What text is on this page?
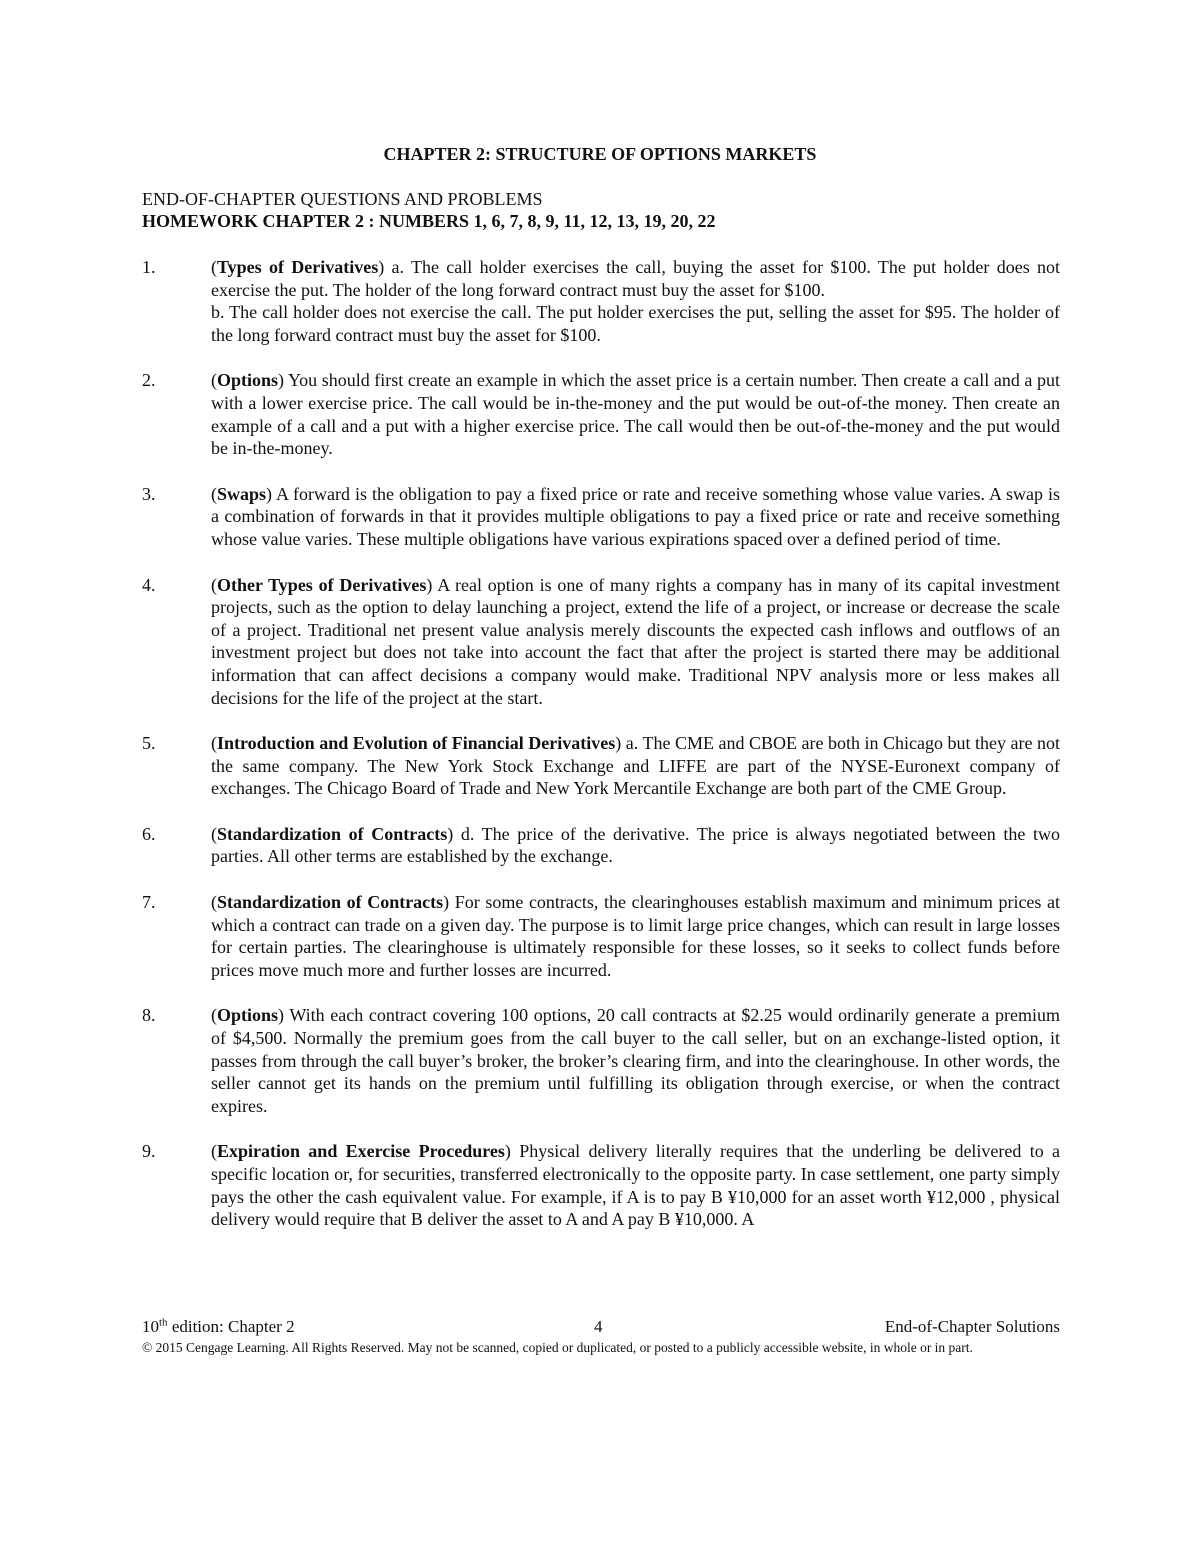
CHAPTER 2: STRUCTURE OF OPTIONS MARKETS
END-OF-CHAPTER QUESTIONS AND PROBLEMS
HOMEWORK CHAPTER 2 : NUMBERS 1, 6, 7, 8, 9, 11, 12, 13, 19, 20, 22
1.	(Types of Derivatives) a. The call holder exercises the call, buying the asset for $100. The put holder does not exercise the put. The holder of the long forward contract must buy the asset for $100.
b. The call holder does not exercise the call. The put holder exercises the put, selling the asset for $95. The holder of the long forward contract must buy the asset for $100.
2.	(Options) You should first create an example in which the asset price is a certain number. Then create a call and a put with a lower exercise price. The call would be in-the-money and the put would be out-of-the money. Then create an example of a call and a put with a higher exercise price. The call would then be out-of-the-money and the put would be in-the-money.
3.	(Swaps) A forward is the obligation to pay a fixed price or rate and receive something whose value varies. A swap is a combination of forwards in that it provides multiple obligations to pay a fixed price or rate and receive something whose value varies. These multiple obligations have various expirations spaced over a defined period of time.
4.	(Other Types of Derivatives) A real option is one of many rights a company has in many of its capital investment projects, such as the option to delay launching a project, extend the life of a project, or increase or decrease the scale of a project. Traditional net present value analysis merely discounts the expected cash inflows and outflows of an investment project but does not take into account the fact that after the project is started there may be additional information that can affect decisions a company would make. Traditional NPV analysis more or less makes all decisions for the life of the project at the start.
5.	(Introduction and Evolution of Financial Derivatives) a. The CME and CBOE are both in Chicago but they are not the same company. The New York Stock Exchange and LIFFE are part of the NYSE-Euronext company of exchanges. The Chicago Board of Trade and New York Mercantile Exchange are both part of the CME Group.
6.	(Standardization of Contracts) d. The price of the derivative. The price is always negotiated between the two parties. All other terms are established by the exchange.
7.	(Standardization of Contracts) For some contracts, the clearinghouses establish maximum and minimum prices at which a contract can trade on a given day. The purpose is to limit large price changes, which can result in large losses for certain parties. The clearinghouse is ultimately responsible for these losses, so it seeks to collect funds before prices move much more and further losses are incurred.
8.	(Options) With each contract covering 100 options, 20 call contracts at $2.25 would ordinarily generate a premium of $4,500. Normally the premium goes from the call buyer to the call seller, but on an exchange-listed option, it passes from through the call buyer’s broker, the broker’s clearing firm, and into the clearinghouse. In other words, the seller cannot get its hands on the premium until fulfilling its obligation through exercise, or when the contract expires.
9.	(Expiration and Exercise Procedures) Physical delivery literally requires that the underling be delivered to a specific location or, for securities, transferred electronically to the opposite party. In case settlement, one party simply pays the other the cash equivalent value. For example, if A is to pay B ¥10,000 for an asset worth ¥12,000 , physical delivery would require that B deliver the asset to A and A pay B ¥10,000. A
10th edition: Chapter 2	4	End-of-Chapter Solutions
© 2015 Cengage Learning. All Rights Reserved. May not be scanned, copied or duplicated, or posted to a publicly accessible website, in whole or in part.
